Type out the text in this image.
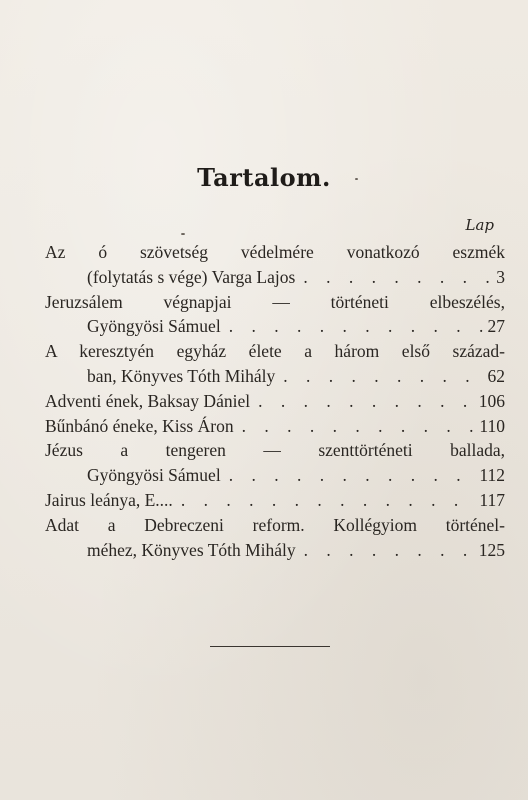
Tartalom.
Lap
Az ó szövetség védelmére vonatkozó eszmék
(folytatás s vége) Varga Lajos . . .	3
Jeruzsálem végnapjai — történeti elbeszélés,
Gyöngyösi Sámuel . . .	27
A keresztyén egyház élete a három első század-
ban, Könyves Tóth Mihály . . .	62
Adventi ének, Baksay Dániel . . .	106
Bűnbánó éneke, Kiss Áron . . .	110
Jézus a tengeren — szenttörténeti ballada,
Gyöngyösi Sámuel . . .	112
Jairus leánya, E.... . . .	117
Adat a Debreczeni reform. Kollégyiom történel-
méhez, Könyves Tóth Mihály . . .	125
